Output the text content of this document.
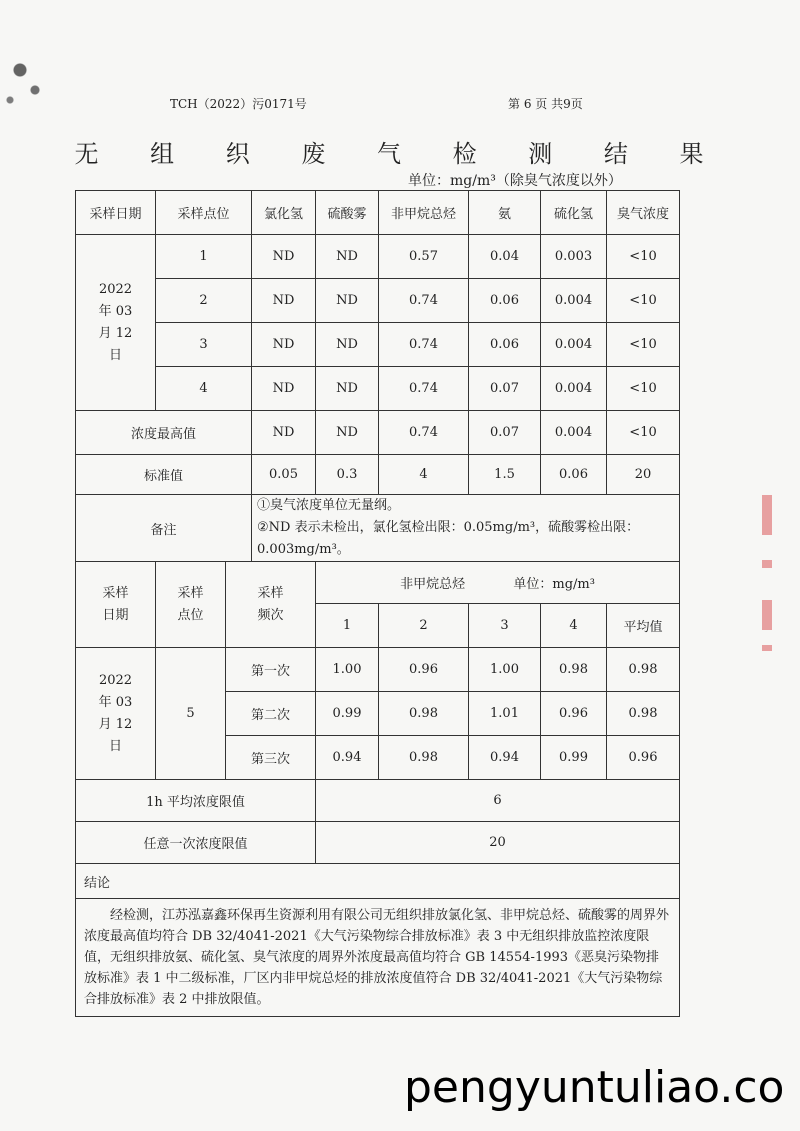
TCH（2022）污0171号	第 6 页 共9页
无 组 织 废 气 检 测 结 果
单位：mg/m³（除臭气浓度以外）
采样日期	采样点位		氯化氢	硫酸雾	非甲烷总烃	氨	硫化氢	臭气浓度

2022 年 03 月 12 日	1		ND	ND	0.57	0.04	0.003	<10
	2		ND	ND	0.74	0.06	0.004	<10
	3		ND	ND	0.74	0.06	0.004	<10
	4		ND	ND	0.74	0.07	0.004	<10
浓度最高值			ND	ND	0.74	0.07	0.004	<10
标准值			0.05	0.3	4	1.5	0.06	20
备注			①臭气浓度单位无量纲。
②ND 表示未检出，氯化氢检出限：0.05mg/m³，硫酸雾检出限：0.003mg/m³。					

采样日期	采样点位	采样频次		非甲烷总烃 单位：mg/m³				
				1	2	3	4	平均值

2022 年 03 月 12 日	5	第一次		1.00	0.96	1.00	0.98	0.98
		第二次		0.99	0.98	1.01	0.96	0.98
		第三次		0.94	0.98	0.94	0.99	0.96
1h 平均浓度限值				6				
任意一次浓度限值				20				
结论								
经检测，江苏泓嘉鑫环保再生资源利用有限公司无组织排放氯化氢、非甲烷总烃、硫酸雾的周界外浓度最高值均符合 DB 32/4041-2021《大气污染物综合排放标准》表 3 中无组织排放监控浓度限值，无组织排放氨、硫化氢、臭气浓度的周界外浓度最高值均符合 GB 14554-1993《恶臭污染物排放标准》表 1 中二级标准，厂区内非甲烷总烃的排放浓度值符合 DB 32/4041-2021《大气污染物综合排放标准》表 2 中排放限值。								
pengyuntuliao.co
